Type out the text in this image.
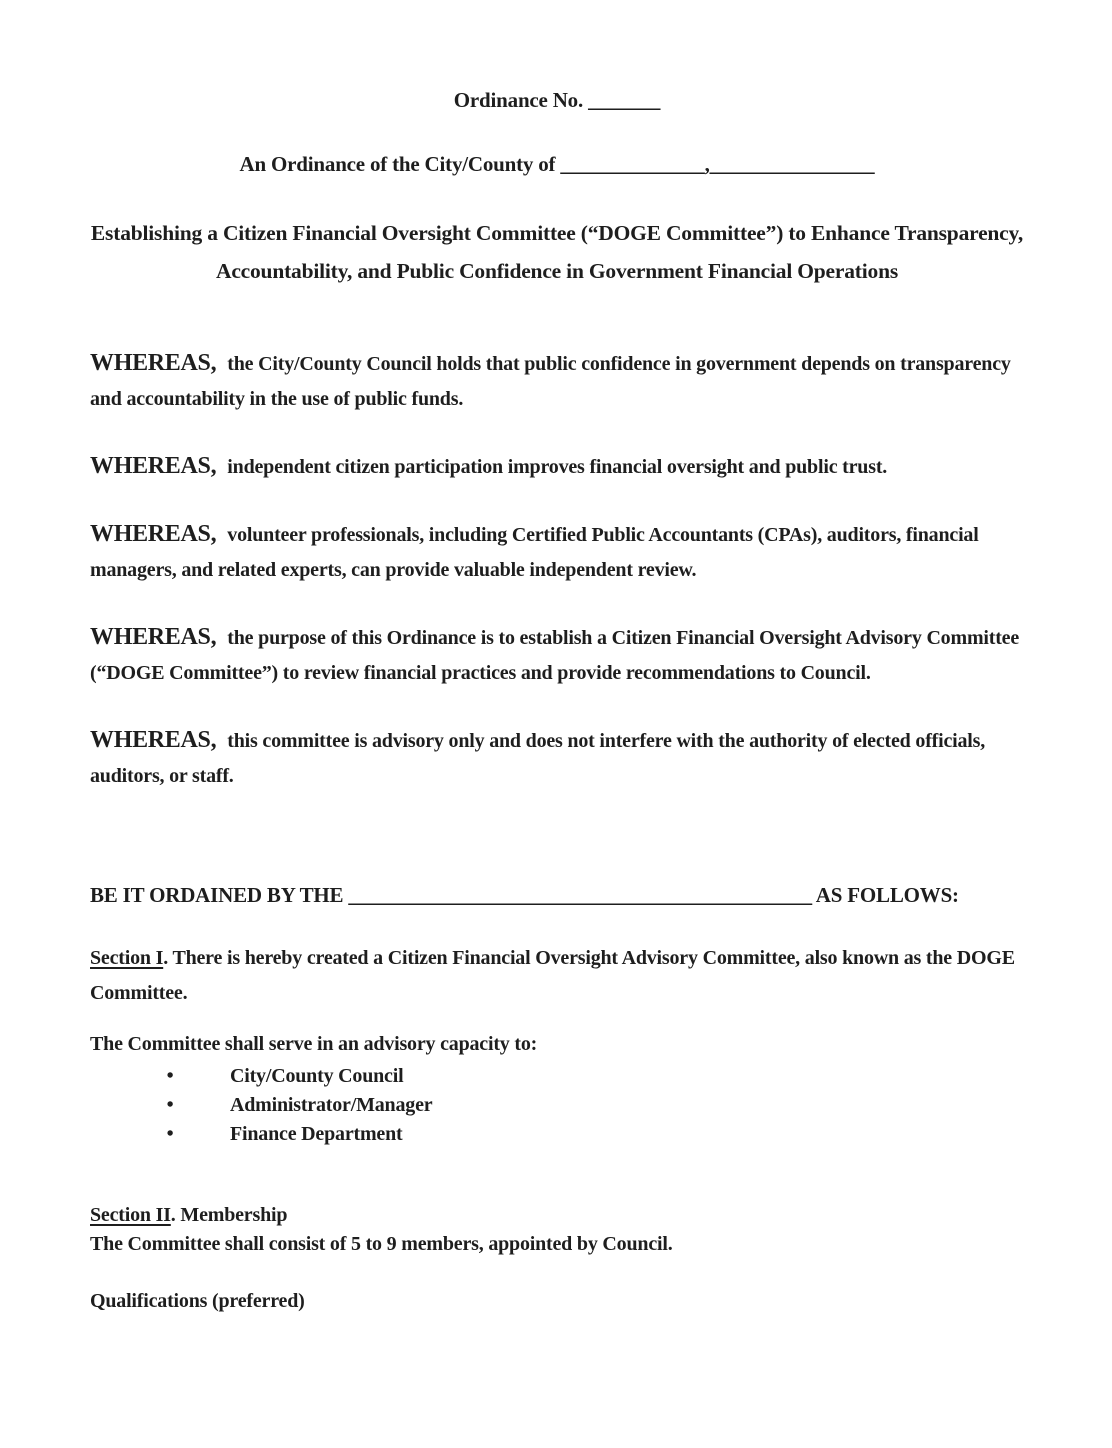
Ordinance No. _______

An Ordinance of the City/County of ______________,________________

Establishing a Citizen Financial Oversight Committee (“DOGE Committee”) to Enhance Transparency, Accountability, and Public Confidence in Government Financial Operations

WHEREAS, the City/County Council holds that public confidence in government depends on transparency and accountability in the use of public funds.

WHEREAS, independent citizen participation improves financial oversight and public trust.

WHEREAS, volunteer professionals, including Certified Public Accountants (CPAs), auditors, financial managers, and related experts, can provide valuable independent review.

WHEREAS, the purpose of this Ordinance is to establish a Citizen Financial Oversight Advisory Committee (“DOGE Committee”) to review financial practices and provide recommendations to Council.

WHEREAS, this committee is advisory only and does not interfere with the authority of elected officials, auditors, or staff.

BE IT ORDAINED BY THE _____________________________________________ AS FOLLOWS:

Section I. There is hereby created a Citizen Financial Oversight Advisory Committee, also known as the DOGE Committee.

The Committee shall serve in an advisory capacity to:

•	City/County Council
•	Administrator/Manager
•	Finance Department

Section II. Membership

The Committee shall consist of 5 to 9 members, appointed by Council.

Qualifications (preferred)
